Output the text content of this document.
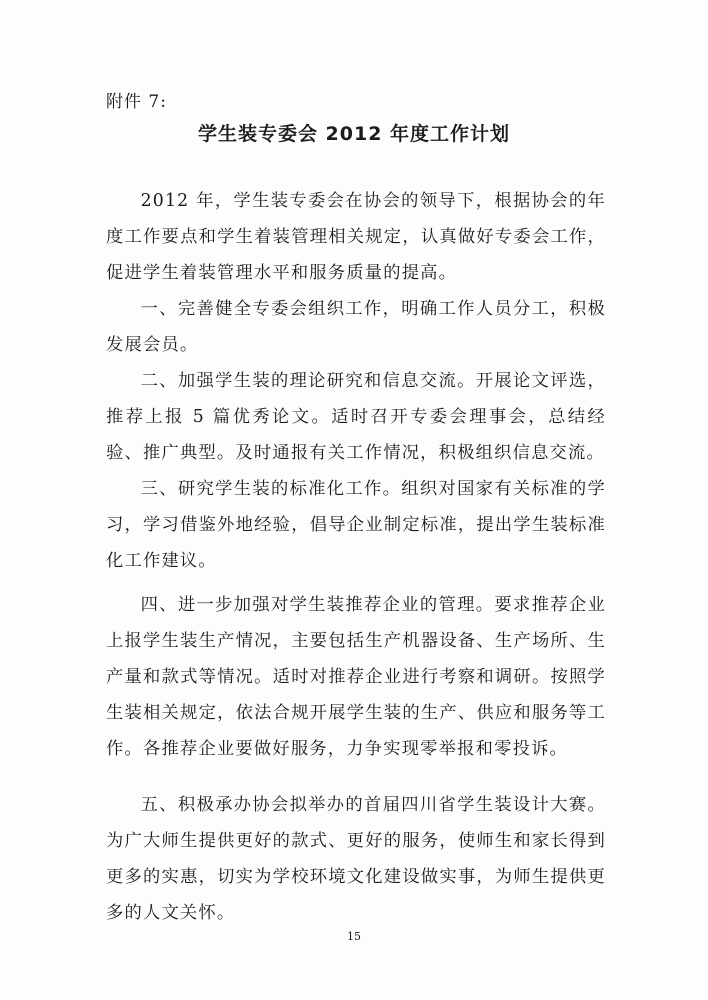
附件 7:
学生装专委会 2012 年度工作计划

2012 年，学生装专委会在协会的领导下，根据协会的年度工作要点和学生着装管理相关规定，认真做好专委会工作，促进学生着装管理水平和服务质量的提高。

一、完善健全专委会组织工作，明确工作人员分工，积极发展会员。

二、加强学生装的理论研究和信息交流。开展论文评选，推荐上报 5 篇优秀论文。适时召开专委会理事会，总结经验、推广典型。及时通报有关工作情况，积极组织信息交流。

三、研究学生装的标准化工作。组织对国家有关标准的学习，学习借鉴外地经验，倡导企业制定标准，提出学生装标准化工作建议。

四、进一步加强对学生装推荐企业的管理。要求推荐企业上报学生装生产情况，主要包括生产机器设备、生产场所、生产量和款式等情况。适时对推荐企业进行考察和调研。按照学生装相关规定，依法合规开展学生装的生产、供应和服务等工作。各推荐企业要做好服务，力争实现零举报和零投诉。

五、积极承办协会拟举办的首届四川省学生装设计大赛。为广大师生提供更好的款式、更好的服务，使师生和家长得到更多的实惠，切实为学校环境文化建设做实事，为师生提供更多的人文关怀。

15
